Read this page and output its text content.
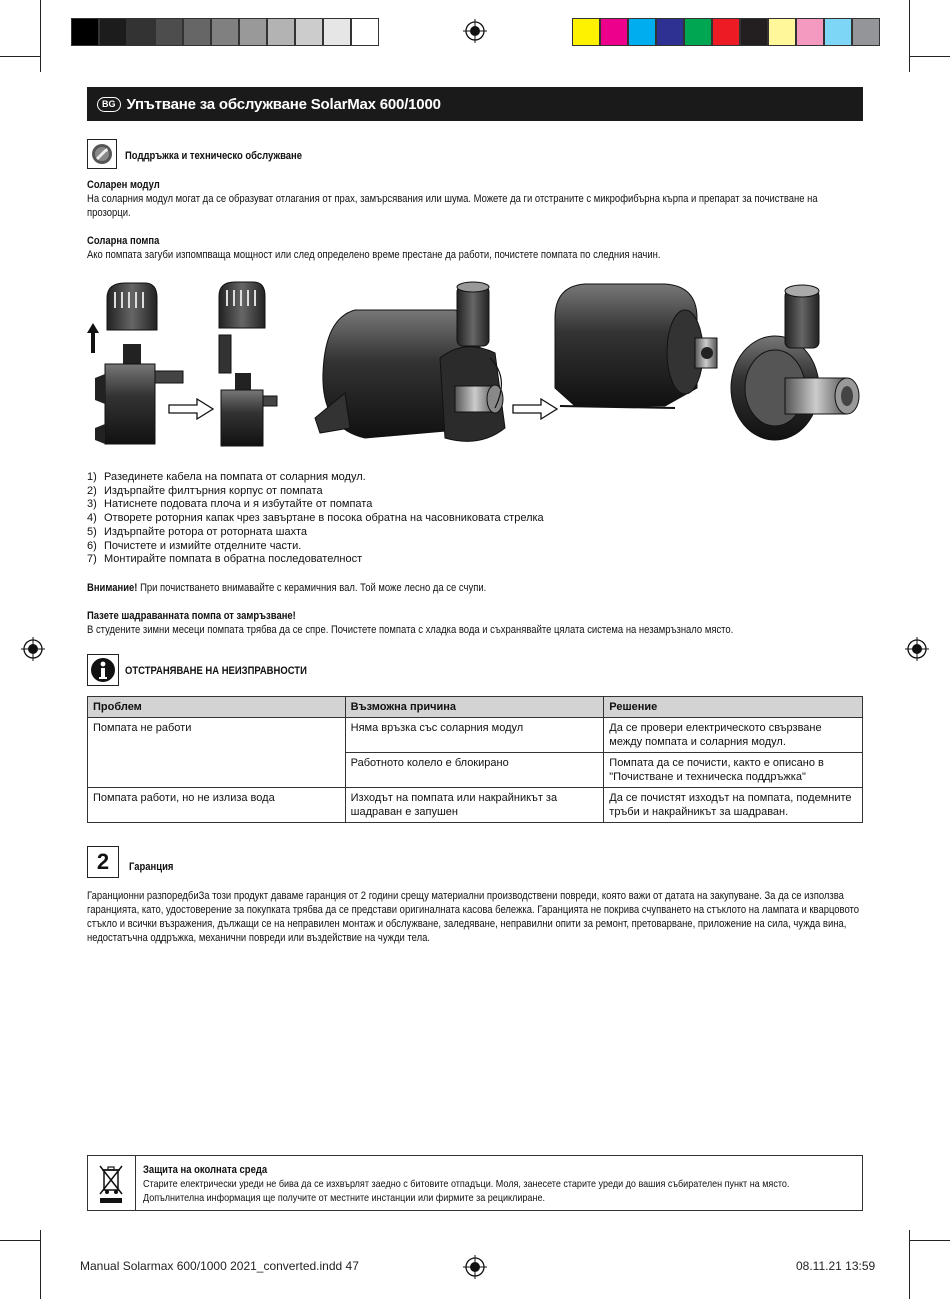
BG Упътване за обслужване SolarMax 600/1000
Поддръжка и техническо обслужване
Соларен модул
На соларния модул могат да се образуват отлагания от прах, замърсявания или шума. Можете да ги отстраните с микрофибърна кърпа и препарат за почистване на прозорци.
Соларна помпа
Ако помпата загуби изпомпваща мощност или след определено време престане да работи, почистете помпата по следния начин.
1) Разединете кабела на помпата от соларния модул.
2) Издърпайте филтърния корпус от помпата
3) Натиснете подовата плоча и я избутайте от помпата
4) Отворете роторния капак чрез завъртане в посока обратна на часовниковата стрелка
5) Издърпайте ротора от роторната шахта
6) Почистете и измийте отделните части.
7) Монтирайте помпата в обратна последователност
Внимание! При почистването внимавайте с керамичния вал. Той може лесно да се счупи.
Пазете шадраванната помпа от замръзване!
В студените зимни месеци помпата трябва да се спре. Почистете помпата с хладка вода и съхранявайте цялата система на незамръзнало място.
ОТСТРАНЯВАНЕ НА НЕИЗПРАВНОСТИ
Проблем	Възможна причина	Решение
Помпата не работи	Няма връзка със соларния модул	Да се провери електрическото свързване между помпата и соларния модул.
	Работното колело е блокирано	Помпата да се почисти, както е описано в "Почистване и техническа поддръжка"
Помпата работи, но не излиза вода	Изходът на помпата или накрайникът за шадраван е запушен	Да се почистят изходът на помпата, подемните тръби и накрайникът за шадраван.
2 Гаранция
Гаранционни разпоредбиЗа този продукт даваме гаранция от 2 години срещу материални производствени повреди, която важи от датата на закупуване. За да се използва гаранцията, като, удостоверение за покупката трябва да се представи оригиналната касова бележка. Гаранцията не покрива счупването на стъклото на лампата и кварцовото стъкло и всички възражения, дължащи се на неправилен монтаж и обслужване, заледяване, неправилни опити за ремонт, претоварване, приложение на сила, чужда вина, недостатъчна оддръжка, механични повреди или въздействие на чужди тела.
Защита на околната среда
Старите електрически уреди не бива да се изхвърлят заедно с битовите отпадъци. Моля, занесете старите уреди до вашия събирателен пункт на място. Допълнителна информация ще получите от местните инстанции или фирмите за рециклиране.
Manual Solarmax 600/1000 2021_converted.indd 47	08.11.21 13:59
